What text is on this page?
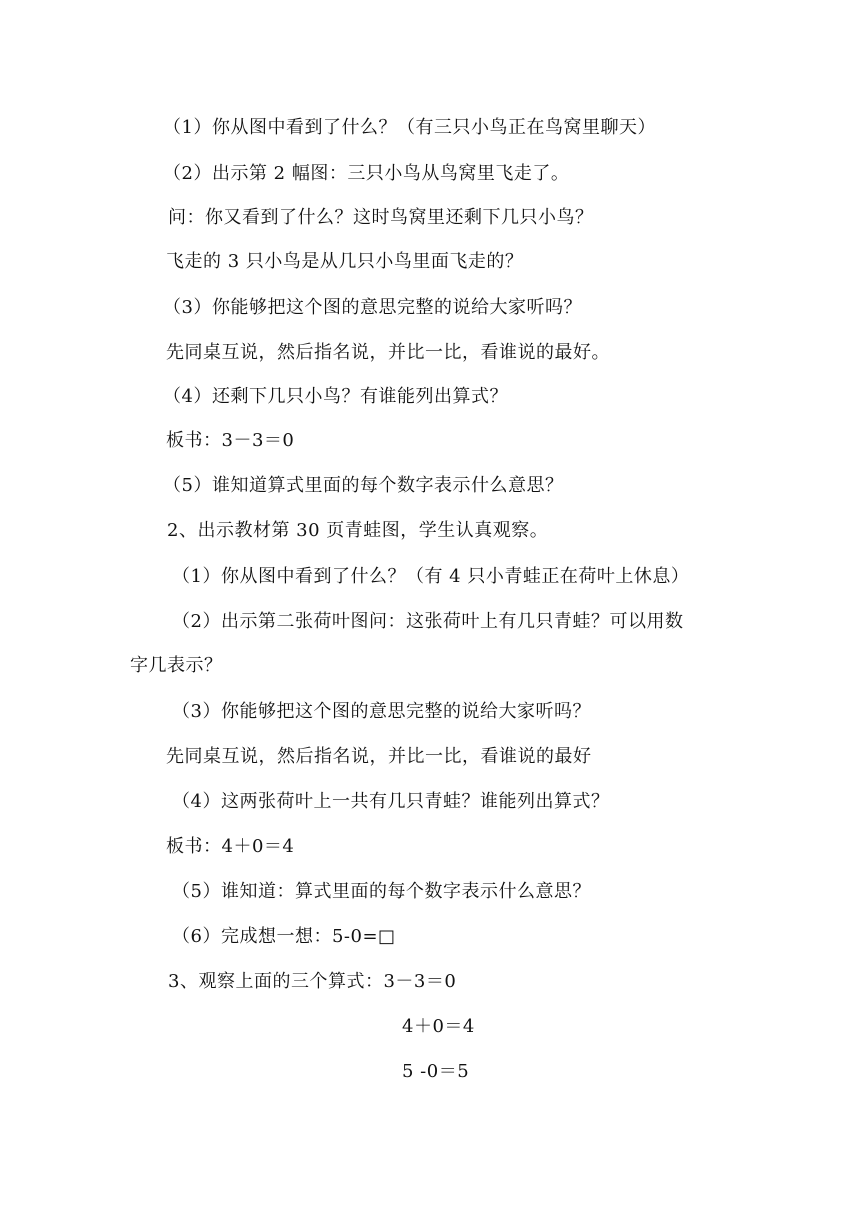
（1）你从图中看到了什么？（有三只小鸟正在鸟窝里聊天）
（2）出示第 2 幅图：三只小鸟从鸟窝里飞走了。
问：你又看到了什么？这时鸟窝里还剩下几只小鸟？
飞走的 3 只小鸟是从几只小鸟里面飞走的？
（3）你能够把这个图的意思完整的说给大家听吗？
先同桌互说，然后指名说，并比一比，看谁说的最好。
（4）还剩下几只小鸟？有谁能列出算式？
板书：3－3＝0
（5）谁知道算式里面的每个数字表示什么意思？
2、出示教材第 30 页青蛙图，学生认真观察。
（1）你从图中看到了什么？（有 4 只小青蛙正在荷叶上休息）
（2）出示第二张荷叶图问：这张荷叶上有几只青蛙？可以用数
字几表示？
（3）你能够把这个图的意思完整的说给大家听吗？
先同桌互说，然后指名说，并比一比，看谁说的最好
（4）这两张荷叶上一共有几只青蛙？谁能列出算式？
板书：4＋0＝4
（5）谁知道：算式里面的每个数字表示什么意思？
（6）完成想一想：5-0=□
3、观察上面的三个算式：3－3＝0
4＋0＝4
5 -0＝5
